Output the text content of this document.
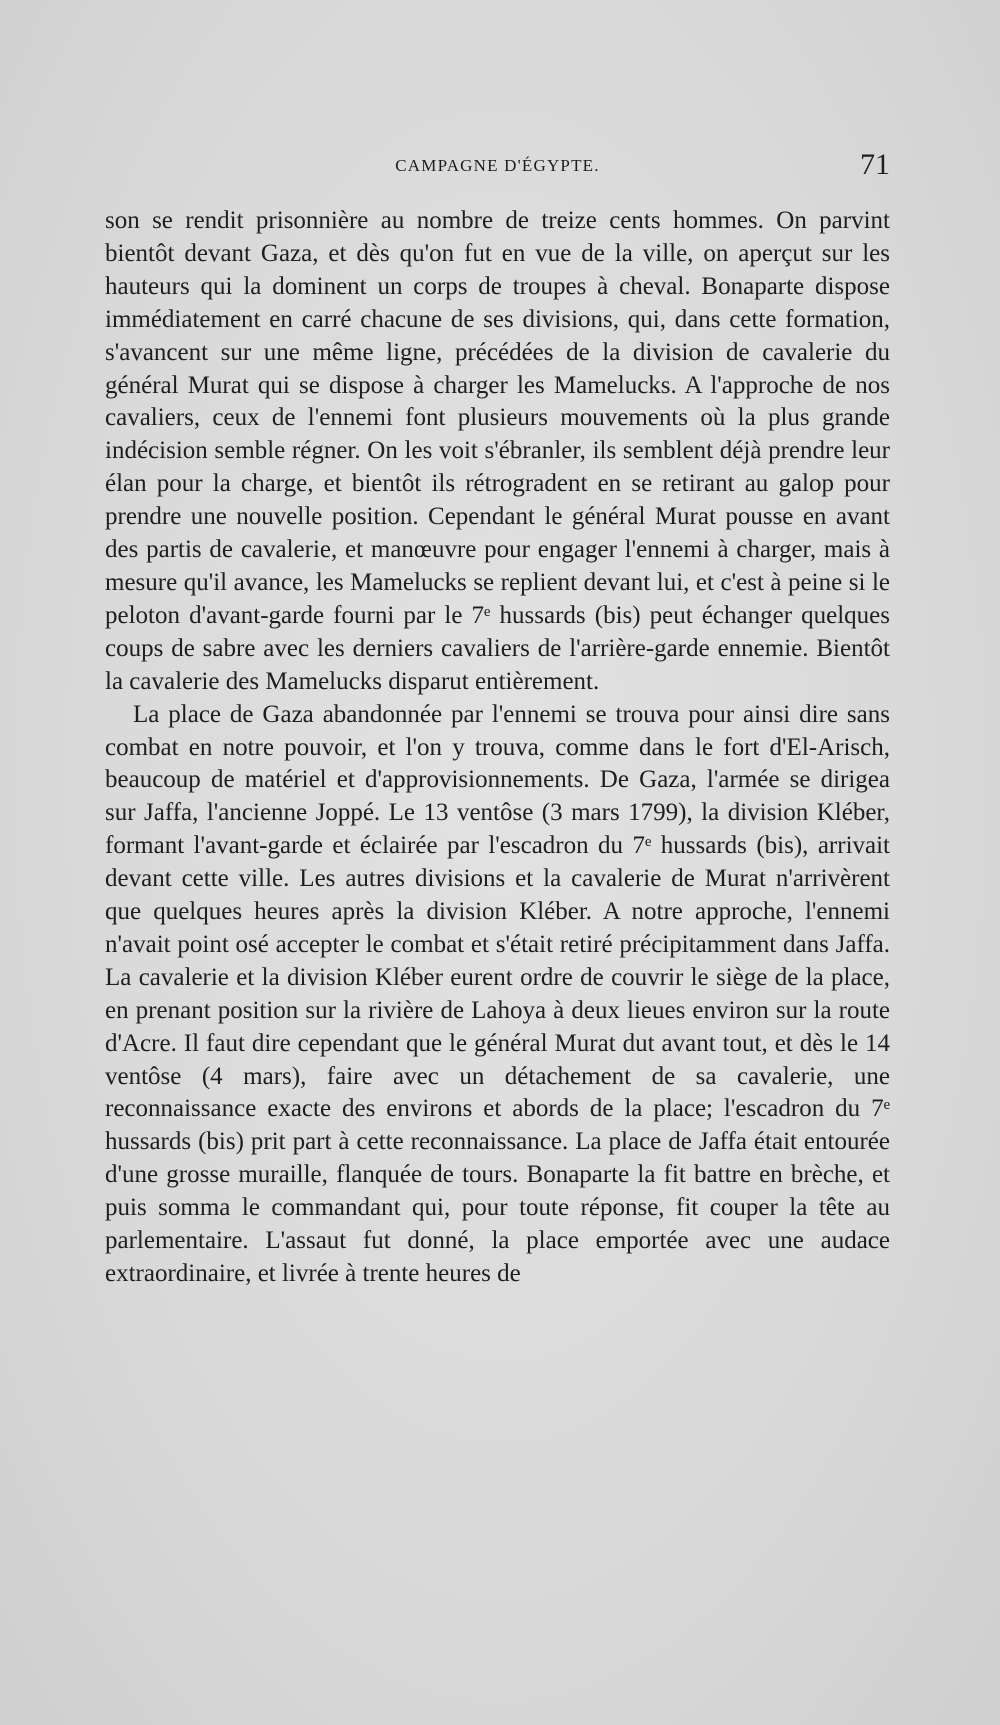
CAMPAGNE D'ÉGYPTE.	71

son se rendit prisonnière au nombre de treize cents hommes. On parvint bientôt devant Gaza, et dès qu'on fut en vue de la ville, on aperçut sur les hauteurs qui la dominent un corps de troupes à cheval. Bonaparte dispose immédiatement en carré chacune de ses divisions, qui, dans cette formation, s'avancent sur une même ligne, précédées de la division de cavalerie du général Murat qui se dispose à charger les Mamelucks. A l'approche de nos cavaliers, ceux de l'ennemi font plusieurs mouvements où la plus grande indécision semble régner. On les voit s'ébranler, ils semblent déjà prendre leur élan pour la charge, et bientôt ils rétrogradent en se retirant au galop pour prendre une nouvelle position. Cependant le général Murat pousse en avant des partis de cavalerie, et manœuvre pour engager l'ennemi à charger, mais à mesure qu'il avance, les Mamelucks se replient devant lui, et c'est à peine si le peloton d'avant-garde fourni par le 7ᵉ hussards (bis) peut échanger quelques coups de sabre avec les derniers cavaliers de l'arrière-garde ennemie. Bientôt la cavalerie des Mamelucks disparut entièrement.

La place de Gaza abandonnée par l'ennemi se trouva pour ainsi dire sans combat en notre pouvoir, et l'on y trouva, comme dans le fort d'El-Arisch, beaucoup de matériel et d'approvisionnements. De Gaza, l'armée se dirigea sur Jaffa, l'ancienne Joppé. Le 13 ventôse (3 mars 1799), la division Kléber, formant l'avant-garde et éclairée par l'escadron du 7ᵉ hussards (bis), arrivait devant cette ville. Les autres divisions et la cavalerie de Murat n'arrivèrent que quelques heures après la division Kléber. A notre approche, l'ennemi n'avait point osé accepter le combat et s'était retiré précipitamment dans Jaffa. La cavalerie et la division Kléber eurent ordre de couvrir le siège de la place, en prenant position sur la rivière de Lahoya à deux lieues environ sur la route d'Acre. Il faut dire cependant que le général Murat dut avant tout, et dès le 14 ventôse (4 mars), faire avec un détachement de sa cavalerie, une reconnaissance exacte des environs et abords de la place; l'escadron du 7ᵉ hussards (bis) prit part à cette reconnaissance. La place de Jaffa était entourée d'une grosse muraille, flanquée de tours. Bonaparte la fit battre en brèche, et puis somma le commandant qui, pour toute réponse, fit couper la tête au parlementaire. L'assaut fut donné, la place emportée avec une audace extraordinaire, et livrée à trente heures de
